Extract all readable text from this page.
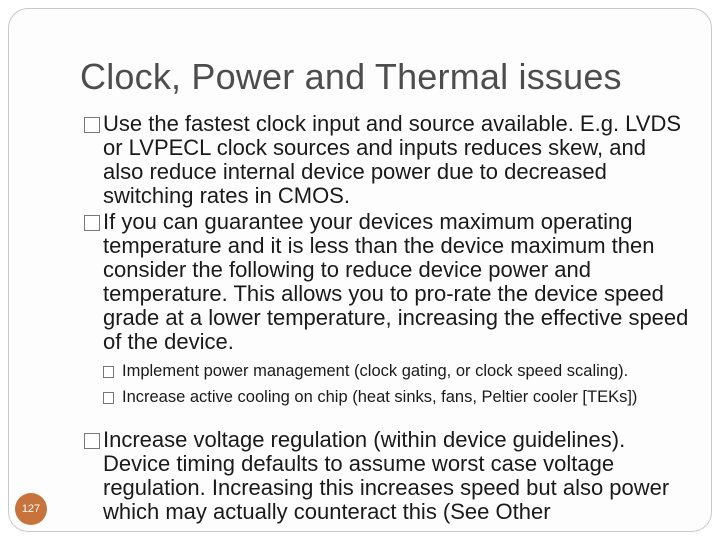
Clock, Power and Thermal issues

Use the fastest clock input and source available. E.g. LVDS or LVPECL clock sources and inputs reduces skew, and also reduce internal device power due to decreased switching rates in CMOS.

If you can guarantee your devices maximum operating temperature and it is less than the device maximum then consider the following to reduce device power and temperature. This allows you to pro-rate the device speed grade at a lower temperature, increasing the effective speed of the device.

Implement power management (clock gating, or clock speed scaling).

Increase active cooling on chip (heat sinks, fans, Peltier cooler [TEKs])

Increase voltage regulation (within device guidelines). Device timing defaults to assume worst case voltage regulation. Increasing this increases speed but also power which may actually counteract this (See Other

127
